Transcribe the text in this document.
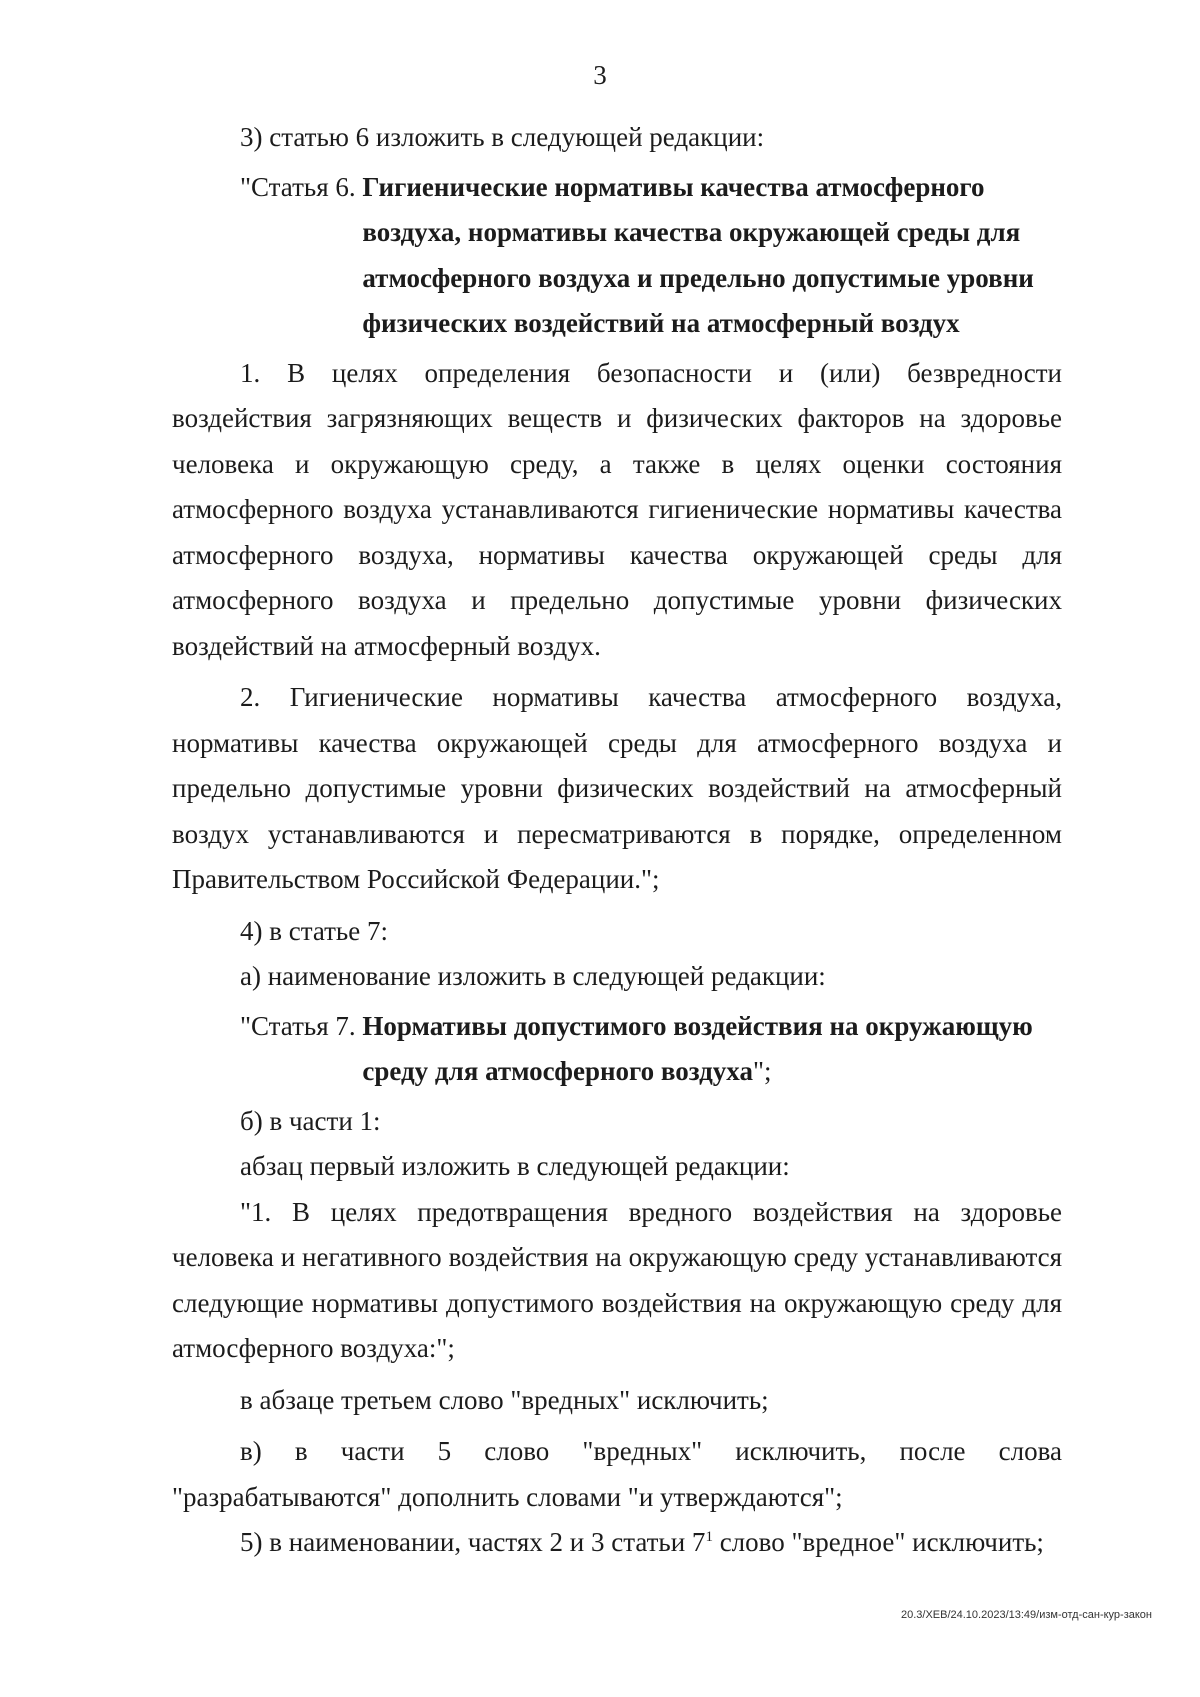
3

3) статью 6 изложить в следующей редакции:

"Статья 6. Гигиенические нормативы качества атмосферного воздуха, нормативы качества окружающей среды для атмосферного воздуха и предельно допустимые уровни физических воздействий на атмосферный воздух

1. В целях определения безопасности и (или) безвредности воздействия загрязняющих веществ и физических факторов на здоровье человека и окружающую среду, а также в целях оценки состояния атмосферного воздуха устанавливаются гигиенические нормативы качества атмосферного воздуха, нормативы качества окружающей среды для атмосферного воздуха и предельно допустимые уровни физических воздействий на атмосферный воздух.

2. Гигиенические нормативы качества атмосферного воздуха, нормативы качества окружающей среды для атмосферного воздуха и предельно допустимые уровни физических воздействий на атмосферный воздух устанавливаются и пересматриваются в порядке, определенном Правительством Российской Федерации.";

4) в статье 7:

а) наименование изложить в следующей редакции:

"Статья 7. Нормативы допустимого воздействия на окружающую среду для атмосферного воздуха";

б) в части 1:

абзац первый изложить в следующей редакции:

"1. В целях предотвращения вредного воздействия на здоровье человека и негативного воздействия на окружающую среду устанавливаются следующие нормативы допустимого воздействия на окружающую среду для атмосферного воздуха:";

в абзаце третьем слово "вредных" исключить;

в) в части 5 слово "вредных" исключить, после слова "разрабатываются" дополнить словами "и утверждаются";

5) в наименовании, частях 2 и 3 статьи $7^1$ слово "вредное" исключить;

20.3/ХЕВ/24.10.2023/13:49/изм-отд-сан-кур-закон
